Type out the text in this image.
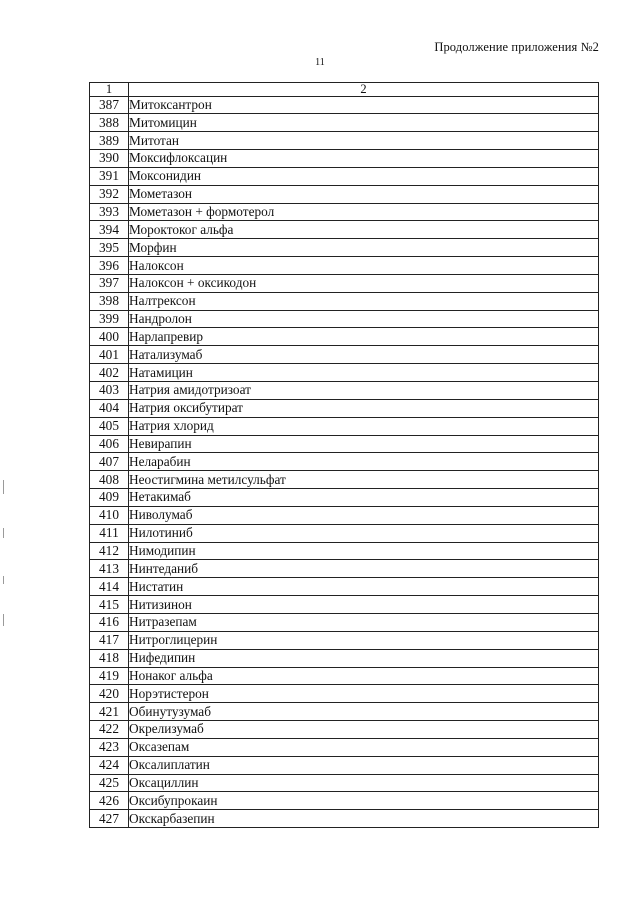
Продолжение приложения №2
11
1	2
387	Митоксантрон
388	Митомицин
389	Митотан
390	Моксифлоксацин
391	Моксонидин
392	Мометазон
393	Мометазон + формотерол
394	Мороктоког альфа
395	Морфин
396	Налоксон
397	Налоксон + оксикодон
398	Налтрексон
399	Нандролон
400	Нарлапревир
401	Натализумаб
402	Натамицин
403	Натрия амидотризоат
404	Натрия оксибутират
405	Натрия хлорид
406	Невирапин
407	Неларабин
408	Неостигмина метилсульфат
409	Нетакимаб
410	Ниволумаб
411	Нилотиниб
412	Нимодипин
413	Нинтеданиб
414	Нистатин
415	Нитизинон
416	Нитразепам
417	Нитроглицерин
418	Нифедипин
419	Нонаког альфа
420	Норэтистерон
421	Обинутузумаб
422	Окрелизумаб
423	Оксазепам
424	Оксалиплатин
425	Оксациллин
426	Оксибупрокаин
427	Окскарбазепин
